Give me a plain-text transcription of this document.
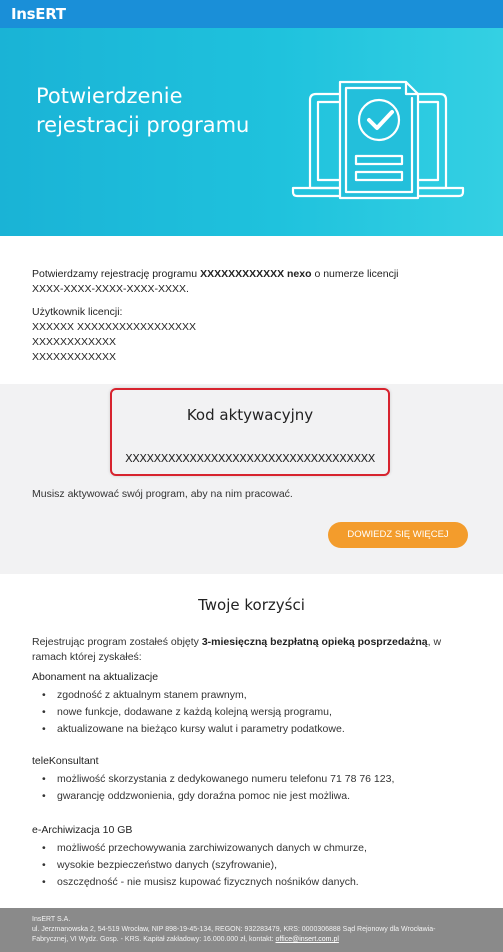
InsERT
Potwierdzenie
rejestracji programu

Potwierdzamy rejestrację programu XXXXXXXXXXXX nexo o numerze licencji

XXXX-XXXX-XXXX-XXXX-XXXX.

Użytkownik licencji:

XXXXXX XXXXXXXXXXXXXXXXX

XXXXXXXXXXXX

XXXXXXXXXXXX

Kod aktywacyjny
XXXXXXXXXXXXXXXXXXXXXXXXXXXXXXXXXXX
Musisz aktywować swój program, aby na nim pracować.
DOWIEDZ SIĘ WIĘCEJ
Twoje korzyści
Rejestrując program zostałeś objęty 3-miesięczną bezpłatną opieką posprzedażną, w ramach której zyskałeś:
Abonament na aktualizacje
• zgodność z aktualnym stanem prawnym,
• nowe funkcje, dodawane z każdą kolejną wersją programu,
• aktualizowane na bieżąco kursy walut i parametry podatkowe.
teleKonsultant
• możliwość skorzystania z dedykowanego numeru telefonu 71 78 76 123,
• gwarancję oddzwonienia, gdy doraźna pomoc nie jest możliwa.
e-Archiwizacja 10 GB
• możliwość przechowywania zarchiwizowanych danych w chmurze,
• wysokie bezpieczeństwo danych (szyfrowanie),
• oszczędność - nie musisz kupować fizycznych nośników danych.
InsERT S.A.
ul. Jerzmanowska 2, 54-519 Wrocław, NIP 898-19-45-134, REGON: 932283479, KRS: 0000306888 Sąd Rejonowy dla Wrocławia-
Fabrycznej, VI Wydz. Gosp. - KRS. Kapitał zakładowy: 16.000.000 zł, kontakt: office@insert.com.pl
